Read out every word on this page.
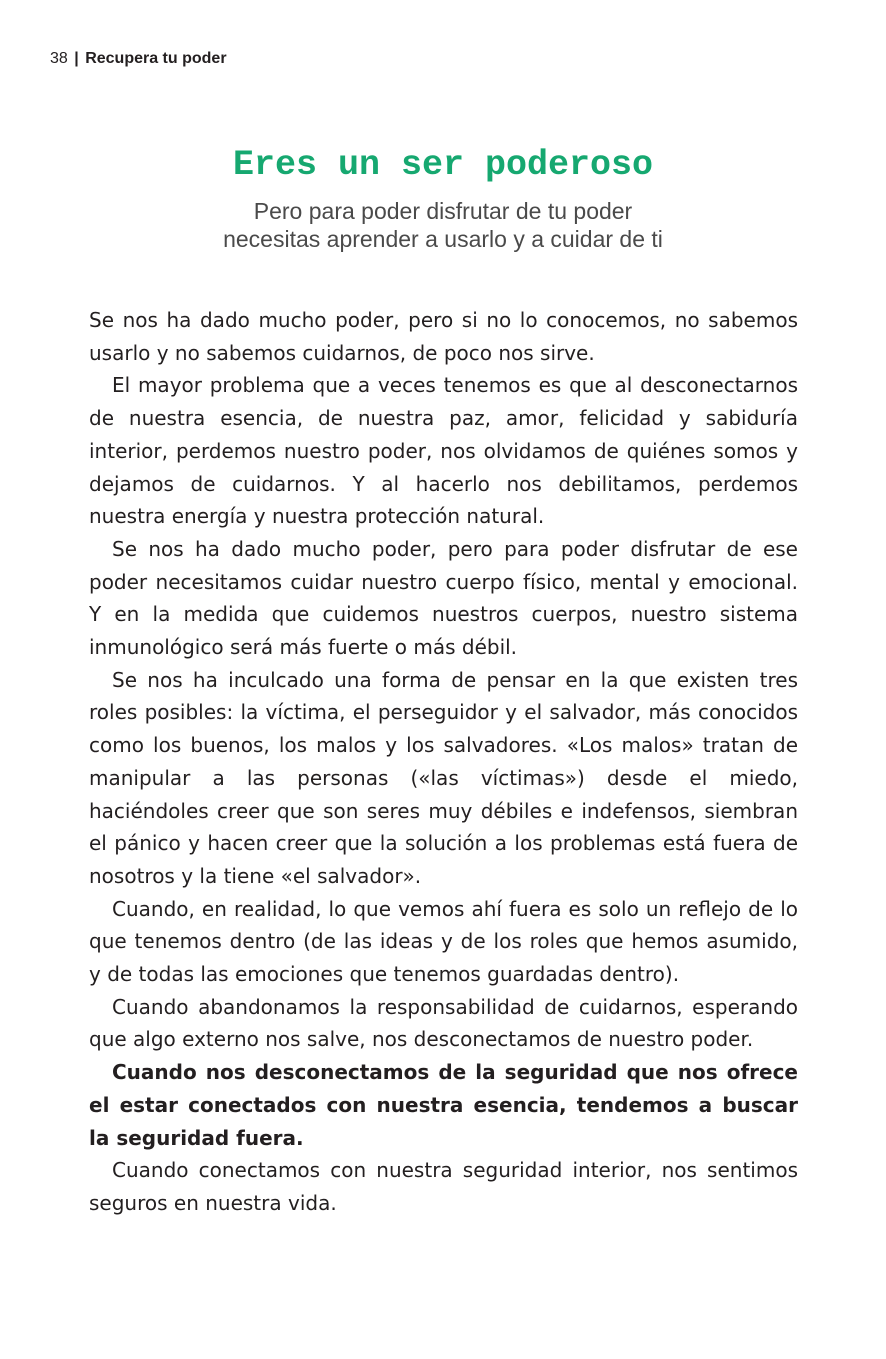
38 | Recupera tu poder
Eres un ser poderoso
Pero para poder disfrutar de tu poder
necesitas aprender a usarlo y a cuidar de ti

Se nos ha dado mucho poder, pero si no lo conocemos, no sabemos usarlo y no sabemos cuidarnos, de poco nos sirve.

El mayor problema que a veces tenemos es que al desconectarnos de nuestra esencia, de nuestra paz, amor, felicidad y sabiduría interior, perdemos nuestro poder, nos olvidamos de quiénes somos y dejamos de cuidarnos. Y al hacerlo nos debilitamos, perdemos nuestra energía y nuestra protección natural.

Se nos ha dado mucho poder, pero para poder disfrutar de ese poder necesitamos cuidar nuestro cuerpo físico, mental y emocional. Y en la medida que cuidemos nuestros cuerpos, nuestro sistema inmunológico será más fuerte o más débil.

Se nos ha inculcado una forma de pensar en la que existen tres roles posibles: la víctima, el perseguidor y el salvador, más conocidos como los buenos, los malos y los salvadores. «Los malos» tratan de manipular a las personas («las víctimas») desde el miedo, haciéndoles creer que son seres muy débiles e indefensos, siembran el pánico y hacen creer que la solución a los problemas está fuera de nosotros y la tiene «el salvador».

Cuando, en realidad, lo que vemos ahí fuera es solo un reflejo de lo que tenemos dentro (de las ideas y de los roles que hemos asumido, y de todas las emociones que tenemos guardadas dentro).

Cuando abandonamos la responsabilidad de cuidarnos, esperando que algo externo nos salve, nos desconectamos de nuestro poder.

Cuando nos desconectamos de la seguridad que nos ofrece el estar conectados con nuestra esencia, tendemos a buscar la seguridad fuera.

Cuando conectamos con nuestra seguridad interior, nos sentimos seguros en nuestra vida.
